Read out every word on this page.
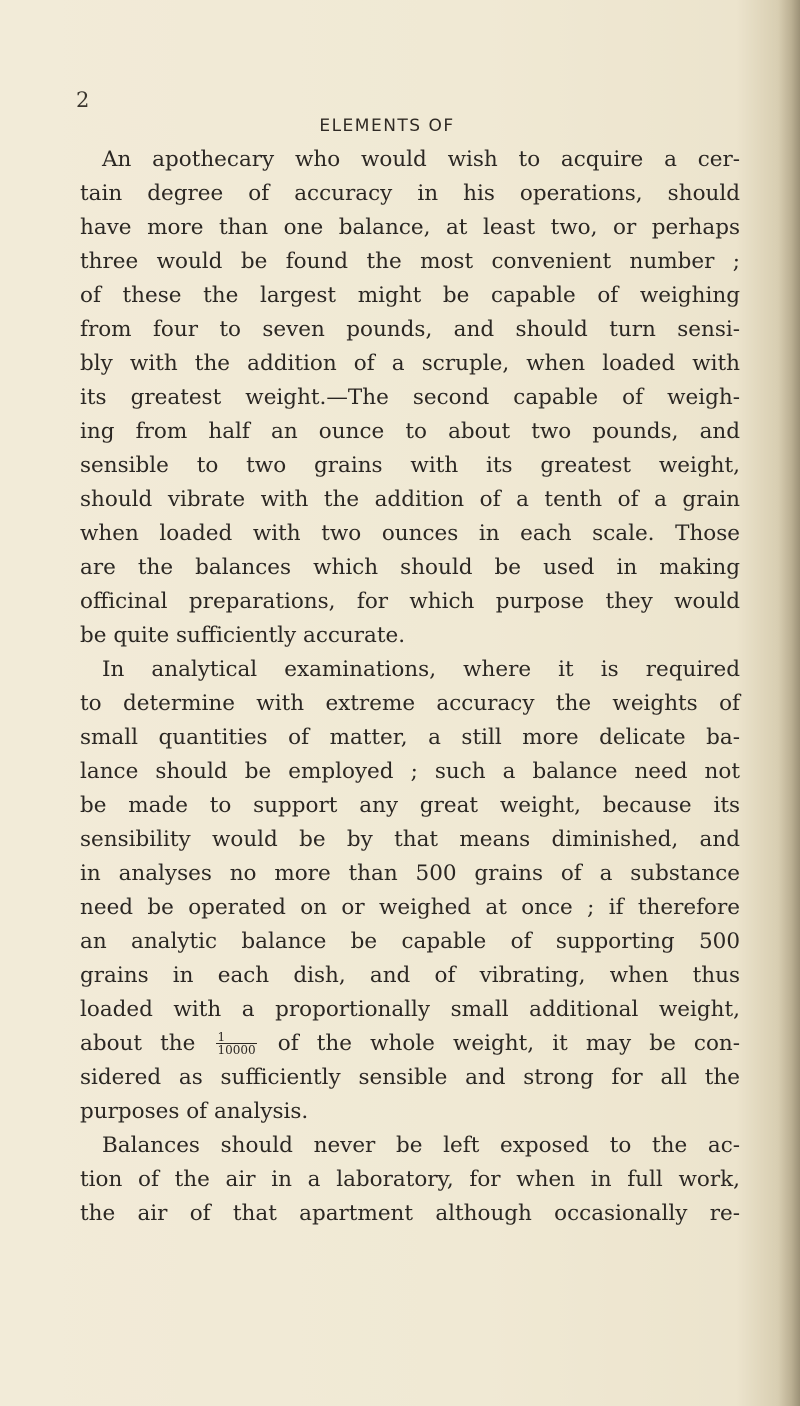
2
ELEMENTS OF
An apothecary who would wish to acquire a cer-
tain degree of accuracy in his operations, should
have more than one balance, at least two, or perhaps
three would be found the most convenient number ;
of these the largest might be capable of weighing
from four to seven pounds, and should turn sensi-
bly with the addition of a scruple, when loaded with
its greatest weight.—The second capable of weigh-
ing from half an ounce to about two pounds, and
sensible to two grains with its greatest weight,
should vibrate with the addition of a tenth of a grain
when loaded with two ounces in each scale. Those
are the balances which should be used in making
officinal preparations, for which purpose they would
be quite sufficiently accurate.
In analytical examinations, where it is required
to determine with extreme accuracy the weights of
small quantities of matter, a still more delicate ba-
lance should be employed ; such a balance need not
be made to support any great weight, because its
sensibility would be by that means diminished, and
in analyses no more than 500 grains of a substance
need be operated on or weighed at once ; if therefore
an analytic balance be capable of supporting 500
grains in each dish, and of vibrating, when thus
loaded with a proportionally small additional weight,
about the $\frac{1}{10000}$ of the whole weight, it may be con-
sidered as sufficiently sensible and strong for all the
purposes of analysis.
Balances should never be left exposed to the ac-
tion of the air in a laboratory, for when in full work,
the air of that apartment although occasionally re-
